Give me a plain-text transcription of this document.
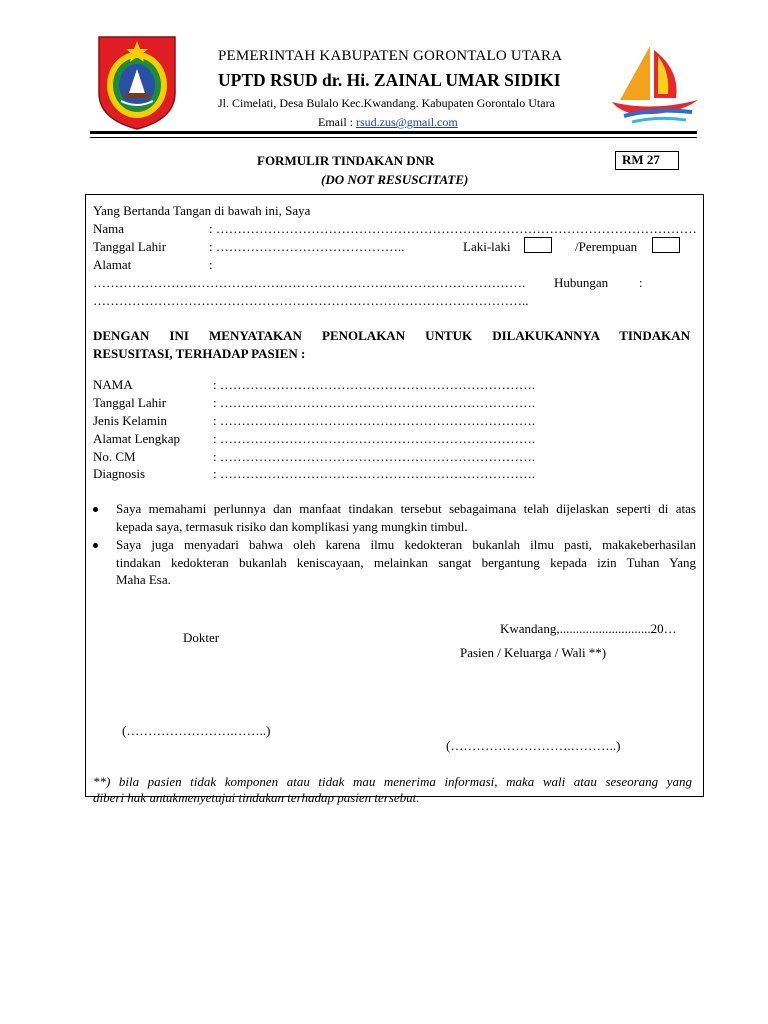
PEMERINTAH KABUPATEN GORONTALO UTARA
UPTD RSUD dr. Hi. ZAINAL UMAR SIDIKI
Jl. Cimelati, Desa Bulalo Kec.Kwandang. Kabupaten Gorontalo Utara
Email : rsud.zus@gmail.com
FORMULIR TINDAKAN DNR
(DO NOT RESUSCITATE)
RM 27
Yang Bertanda Tangan di bawah ini, Saya
Nama	: …………………………………………………………………………………………………
Tanggal Lahir	: ……………………………………..	Laki-laki	/Perempuan
Alamat	:
………………………………………………………………………………………. Hubungan :
………………………………………………………………………………………..
DENGAN INI MENYATAKAN PENOLAKAN UNTUK DILAKUKANNYA TINDAKAN
RESUSITASI, TERHADAP PASIEN :
NAMA	: ……………………………………………………………….
Tanggal Lahir	: ……………………………………………………………….
Jenis Kelamin	: ……………………………………………………………….
Alamat Lengkap	: ……………………………………………………………….
No. CM	: ……………………………………………………………….
Diagnosis	: ……………………………………………………………….
Saya memahami perlunnya dan manfaat tindakan tersebut sebagaimana telah dijelaskan seperti di atas
kepada saya, termasuk risiko dan komplikasi yang mungkin timbul.
Saya juga menyadari bahwa oleh karena ilmu kedokteran bukanlah ilmu pasti, makakeberhasilan
tindakan kedokteran bukanlah keniscayaan, melainkan sangat bergantung kepada izin Tuhan Yang
Maha Esa.
Kwandang,............................20…
Dokter
Pasien / Keluarga / Wali **)
(…………………….……..)
(……………………….………..)
**) bila pasien tidak komponen atau tidak mau menerima informasi, maka wali atau seseorang yang
diberi hak untukmenyetujui tindakan terhadap pasien tersebut.
